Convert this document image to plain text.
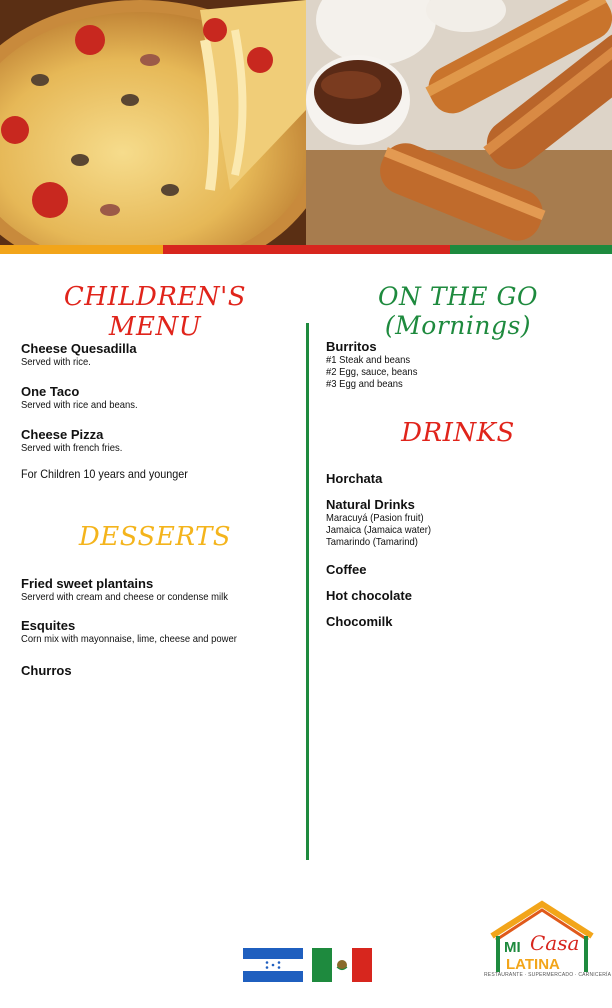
CHILDREN'S MENU
Cheese Quesadilla
Served with rice.
One Taco
Served with rice and beans.
Cheese Pizza
Served with french fries.
For Children 10 years and younger
DESSERTS
Fried sweet plantains
Serverd with cream and cheese or condense milk
Esquites
Corn mix with mayonnaise, lime, cheese and power
Churros
ON THE GO (Mornings)
Burritos
#1 Steak and beans
#2 Egg, sauce, beans
#3 Egg and beans
DRINKS
Horchata
Natural Drinks
Maracuyá (Pasion fruit)
Jamaica (Jamaica water)
Tamarindo (Tamarind)
Coffee
Hot chocolate
Chocomilk
MI Casa
LATINA
RESTAURANTE · SUPERMERCADO · CARNICERÍA
